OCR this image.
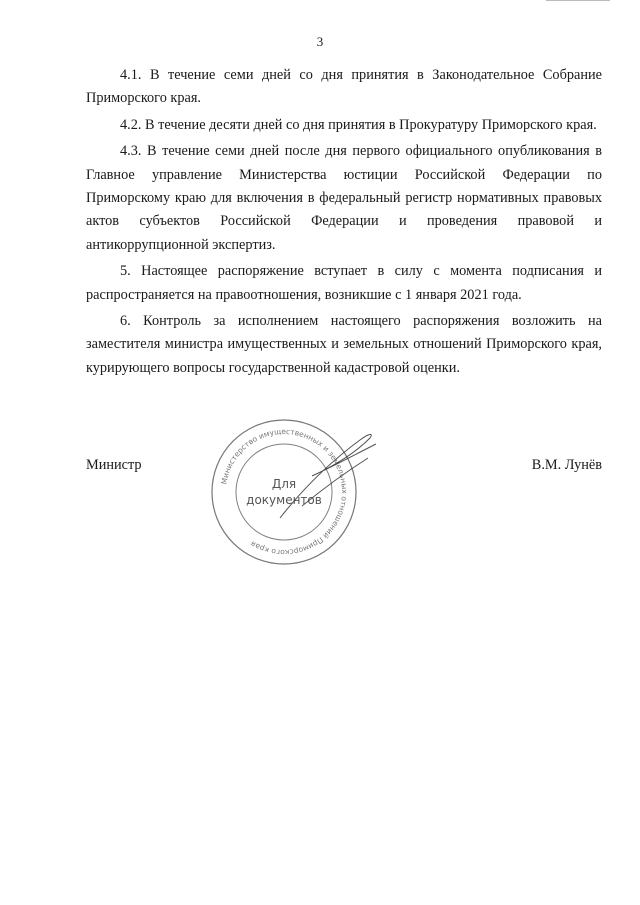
3

4.1. В течение семи дней со дня принятия в Законодательное Собрание Приморского края.

4.2. В течение десяти дней со дня принятия в Прокуратуру Приморского края.

4.3. В течение семи дней после дня первого официального опубликования в Главное управление Министерства юстиции Российской Федерации по Приморскому краю для включения в федеральный регистр нормативных правовых актов субъектов Российской Федерации и проведения правовой и антикоррупционной экспертиз.

5. Настоящее распоряжение вступает в силу с момента подписания и распространяется на правоотношения, возникшие с 1 января 2021 года.

6. Контроль за исполнением настоящего распоряжения возложить на заместителя министра имущественных и земельных отношений Приморского края, курирующего вопросы государственной кадастровой оценки.

Министерство имущественных и земельных отношений Приморского края
Для
документов
Министр	В.М. Лунёв
